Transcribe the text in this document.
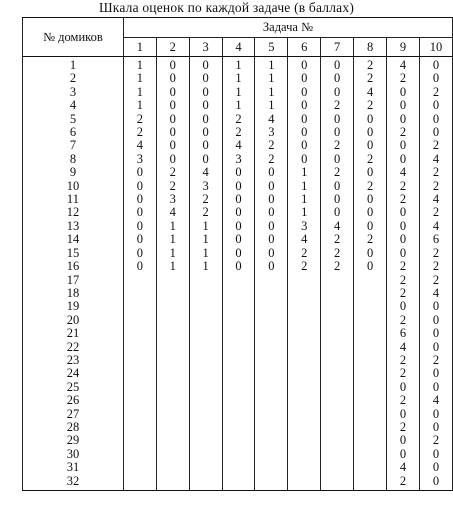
Шкала оценок по каждой задаче (в баллах)
№ домиков	Задача №									
	1	2	3	4	5	6	7	8	9	10
1	1	0	0	1	1	0	0	2	4	0
2	1	0	0	1	1	0	0	2	2	0
3	1	0	0	1	1	0	0	4	0	2
4	1	0	0	1	1	0	2	2	0	0
5	2	0	0	2	4	0	0	0	0	0
6	2	0	0	2	3	0	0	0	2	0
7	4	0	0	4	2	0	2	0	0	2
8	3	0	0	3	2	0	0	2	0	4
9	0	2	4	0	0	1	2	0	4	2
10	0	2	3	0	0	1	0	2	2	2
11	0	3	2	0	0	1	0	0	2	4
12	0	4	2	0	0	1	0	0	0	2
13	0	1	1	0	0	3	4	0	0	4
14	0	1	1	0	0	4	2	2	0	6
15	0	1	1	0	0	2	2	0	0	2
16	0	1	1	0	0	2	2	0	2	2
17									2	2
18									2	4
19									0	0
20									2	0
21									6	0
22									4	0
23									2	2
24									2	0
25									0	0
26									2	4
27									0	0
28									2	0
29									0	2
30									0	0
31									4	0
32									2	0
